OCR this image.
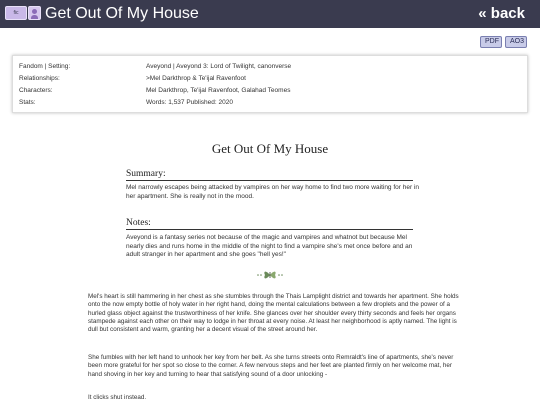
fic	Get Out Of My House	« back
PDF	AO3
Fandom | Setting:	Aveyond | Aveyond 3: Lord of Twilight, canonverse
Relationships:	>Mel Darkthrop & Te'ijal Ravenfoot
Characters:	Mel Darkthrop, Te'ijal Ravenfoot, Galahad Teomes
Stats:	Words: 1,537 Published: 2020
Get Out Of My House
Summary:
Mel narrowly escapes being attacked by vampires on her way home to find two more waiting for her in her apartment. She is really not in the mood.
Notes:
Aveyond is a fantasy series not because of the magic and vampires and whatnot but because Mel nearly dies and runs home in the middle of the night to find a vampire she's met once before and an adult stranger in her apartment and she goes "hell yes!"
Mel's heart is still hammering in her chest as she stumbles through the Thais Lamplight district and towards her apartment. She holds onto the now empty bottle of holy water in her right hand, doing the mental calculations between a few droplets and the power of a hurled glass object against the trustworthiness of her knife. She glances over her shoulder every thirty seconds and feels her organs stampede against each other on their way to lodge in her throat at every noise. At least her neighborhood is aptly named. The light is dull but consistent and warm, granting her a decent visual of the street around her.
She fumbles with her left hand to unhook her key from her belt. As she turns streets onto Remraldt's line of apartments, she's never been more grateful for her spot so close to the corner. A few nervous steps and her feet are planted firmly on her welcome mat, her hand shoving in her key and turning to hear that satisfying sound of a door unlocking -
It clicks shut instead.
